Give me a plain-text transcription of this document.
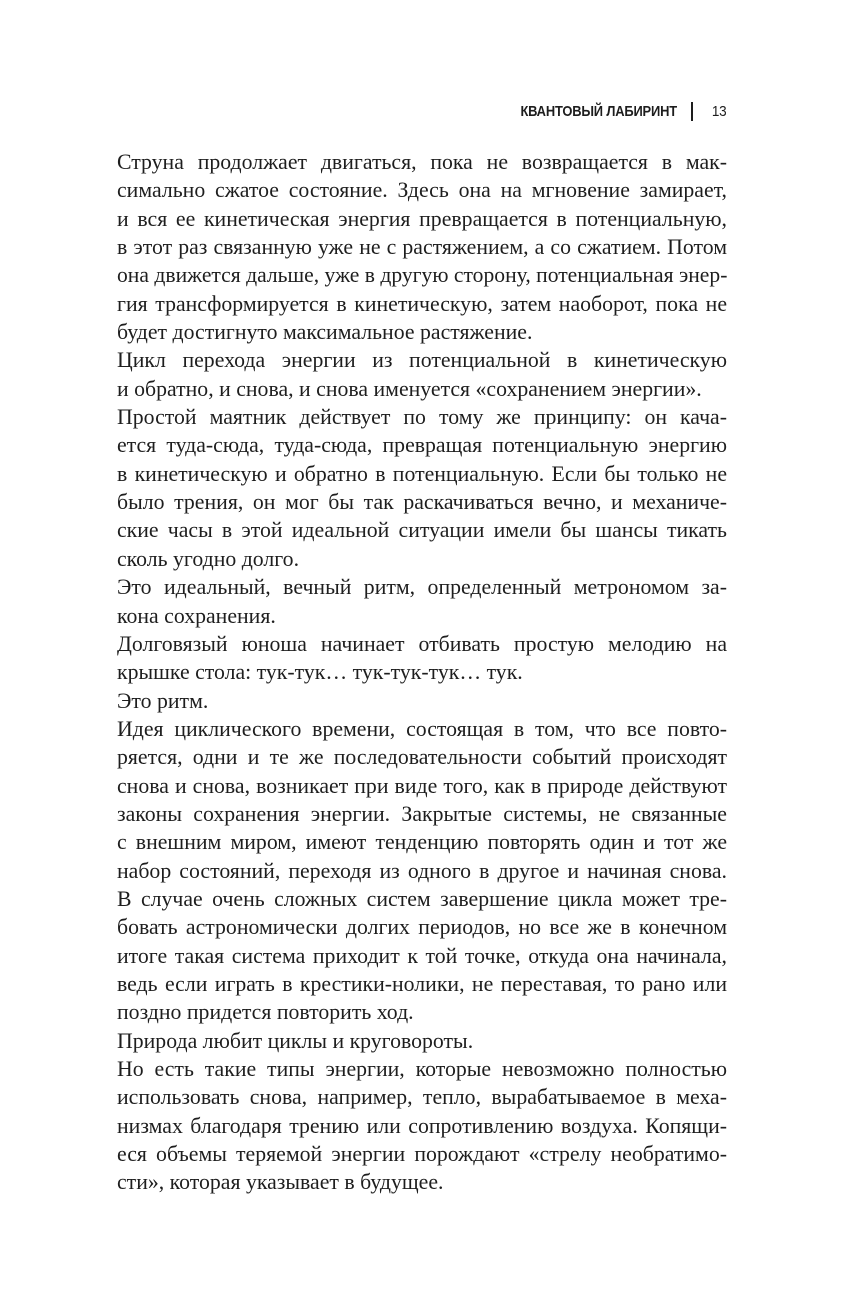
КВАНТОВЫЙ ЛАБИРИНТ 13

Струна продолжает двигаться, пока не возвращается в мак-
симально сжатое состояние. Здесь она на мгновение замирает,
и вся ее кинетическая энергия превращается в потенциальную,
в этот раз связанную уже не с растяжением, а со сжатием. Потом
она движется дальше, уже в другую сторону, потенциальная энер-
гия трансформируется в кинетическую, затем наоборот, пока не
будет достигнуто максимальное растяжение.

Цикл перехода энергии из потенциальной в кинетическую
и обратно, и снова, и снова именуется «сохранением энергии».

Простой маятник действует по тому же принципу: он кача-
ется туда-сюда, туда-сюда, превращая потенциальную энергию
в кинетическую и обратно в потенциальную. Если бы только не
было трения, он мог бы так раскачиваться вечно, и механиче-
ские часы в этой идеальной ситуации имели бы шансы тикать
сколь угодно долго.

Это идеальный, вечный ритм, определенный метрономом за-
кона сохранения.

Долговязый юноша начинает отбивать простую мелодию на
крышке стола: тук-тук… тук-тук-тук… тук.

Это ритм.

Идея циклического времени, состоящая в том, что все повто-
ряется, одни и те же последовательности событий происходят
снова и снова, возникает при виде того, как в природе действуют
законы сохранения энергии. Закрытые системы, не связанные
с внешним миром, имеют тенденцию повторять один и тот же
набор состояний, переходя из одного в другое и начиная снова.
В случае очень сложных систем завершение цикла может тре-
бовать астрономически долгих периодов, но все же в конечном
итоге такая система приходит к той точке, откуда она начинала,
ведь если играть в крестики-нолики, не переставая, то рано или
поздно придется повторить ход.

Природа любит циклы и круговороты.

Но есть такие типы энергии, которые невозможно полностью
использовать снова, например, тепло, вырабатываемое в меха-
низмах благодаря трению или сопротивлению воздуха. Копящи-
еся объемы теряемой энергии порождают «стрелу необратимо-
сти», которая указывает в будущее.
